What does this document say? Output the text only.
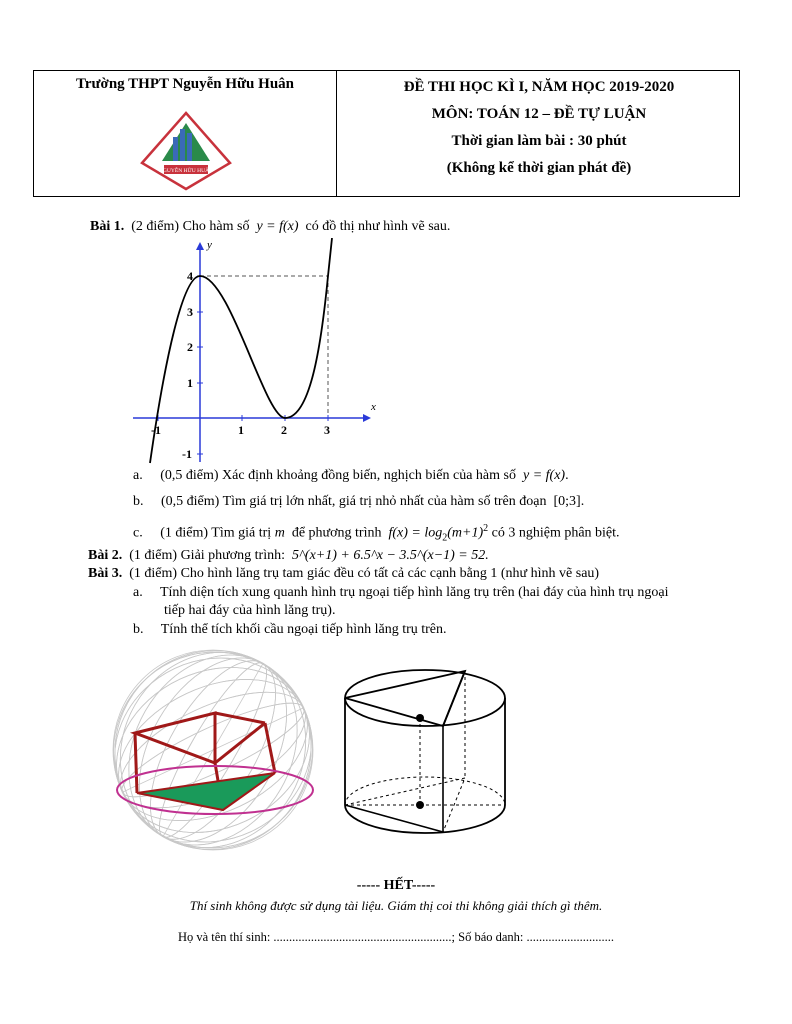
Trường THPT Nguyễn Hữu Huân
NGUYỄN HỮU HUÂN
ĐỀ THI HỌC KÌ I, NĂM HỌC 2019-2020
MÔN: TOÁN 12 – ĐỀ TỰ LUẬN
Thời gian làm bài : 30 phút
(Không kể thời gian phát đề)
Bài 1. (2 điểm) Cho hàm số y = f(x) có đồ thị như hình vẽ sau.
x
y
-1	1	2	3
4
3
2
1
-1
a. (0,5 điểm) Xác định khoảng đồng biến, nghịch biến của hàm số y = f(x).
b. (0,5 điểm) Tìm giá trị lớn nhất, giá trị nhỏ nhất của hàm số trên đoạn [0;3].
c. (1 điểm) Tìm giá trị m để phương trình $f(x) = \log_2(m+1)^2$ có 3 nghiệm phân biệt.
Bài 2. (1 điểm) Giải phương trình: 5^(x+1) + 6.5^x − 3.5^(x−1) = 52.
Bài 3. (1 điểm) Cho hình lăng trụ tam giác đều có tất cả các cạnh bằng 1 (như hình vẽ sau)
a. Tính diện tích xung quanh hình trụ ngoại tiếp hình lăng trụ trên (hai đáy của hình trụ ngoại
tiếp hai đáy của hình lăng trụ).
b. Tính thể tích khối cầu ngoại tiếp hình lăng trụ trên.
----- HẾT-----
Thí sinh không được sử dụng tài liệu. Giám thị coi thi không giải thích gì thêm.
Họ và tên thí sinh: .........................................................; Số báo danh: ............................
